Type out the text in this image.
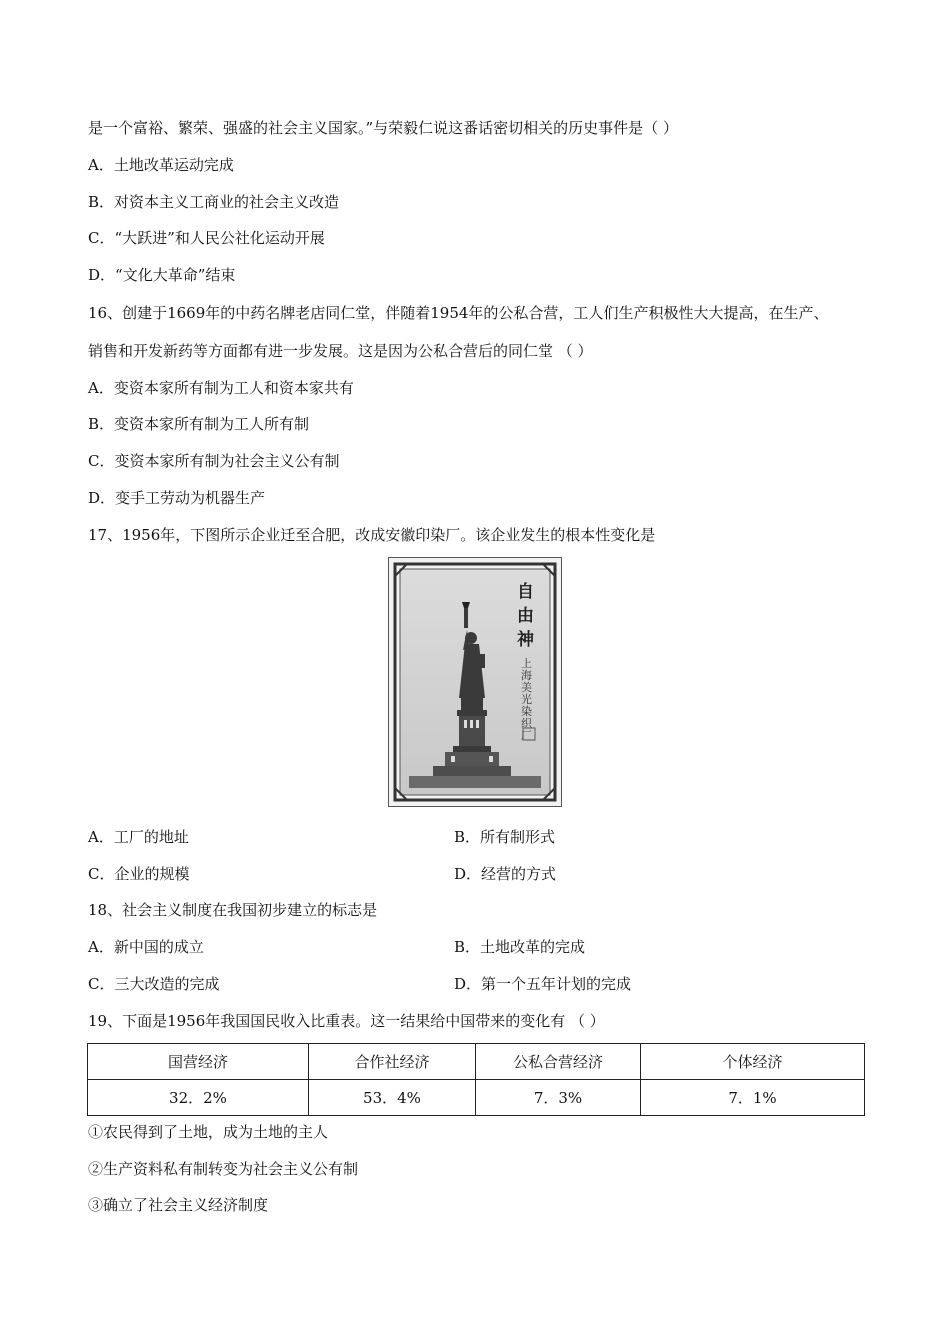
是一个富裕、繁荣、强盛的社会主义国家。”与荣毅仁说这番话密切相关的历史事件是（ ）
A．土地改革运动完成
B．对资本主义工商业的社会主义改造
C．“大跃进”和人民公社化运动开展
D．“文化大革命”结束
16、创建于1669年的中药名牌老店同仁堂，伴随着1954年的公私合营，工人们生产积极性大大提高，在生产、
销售和开发新药等方面都有进一步发展。这是因为公私合营后的同仁堂 （ ）
A．变资本家所有制为工人和资本家共有
B．变资本家所有制为工人所有制
C．变资本家所有制为社会主义公有制
D．变手工劳动为机器生产
17、1956年，下图所示企业迁至合肥，改成安徽印染厂。该企业发生的根本性变化是
自由神
上海美光染织厂
A．工厂的地址	B．所有制形式
C．企业的规模	D．经营的方式
18、社会主义制度在我国初步建立的标志是
A．新中国的成立	B．土地改革的完成
C．三大改造的完成	D．第一个五年计划的完成
19、下面是1956年我国国民收入比重表。这一结果给中国带来的变化有 （ ）
国营经济	合作社经济	公私合营经济	个体经济
32．2%	53．4%	7．3%	7．1%
①农民得到了土地，成为土地的主人
②生产资料私有制转变为社会主义公有制
③确立了社会主义经济制度
